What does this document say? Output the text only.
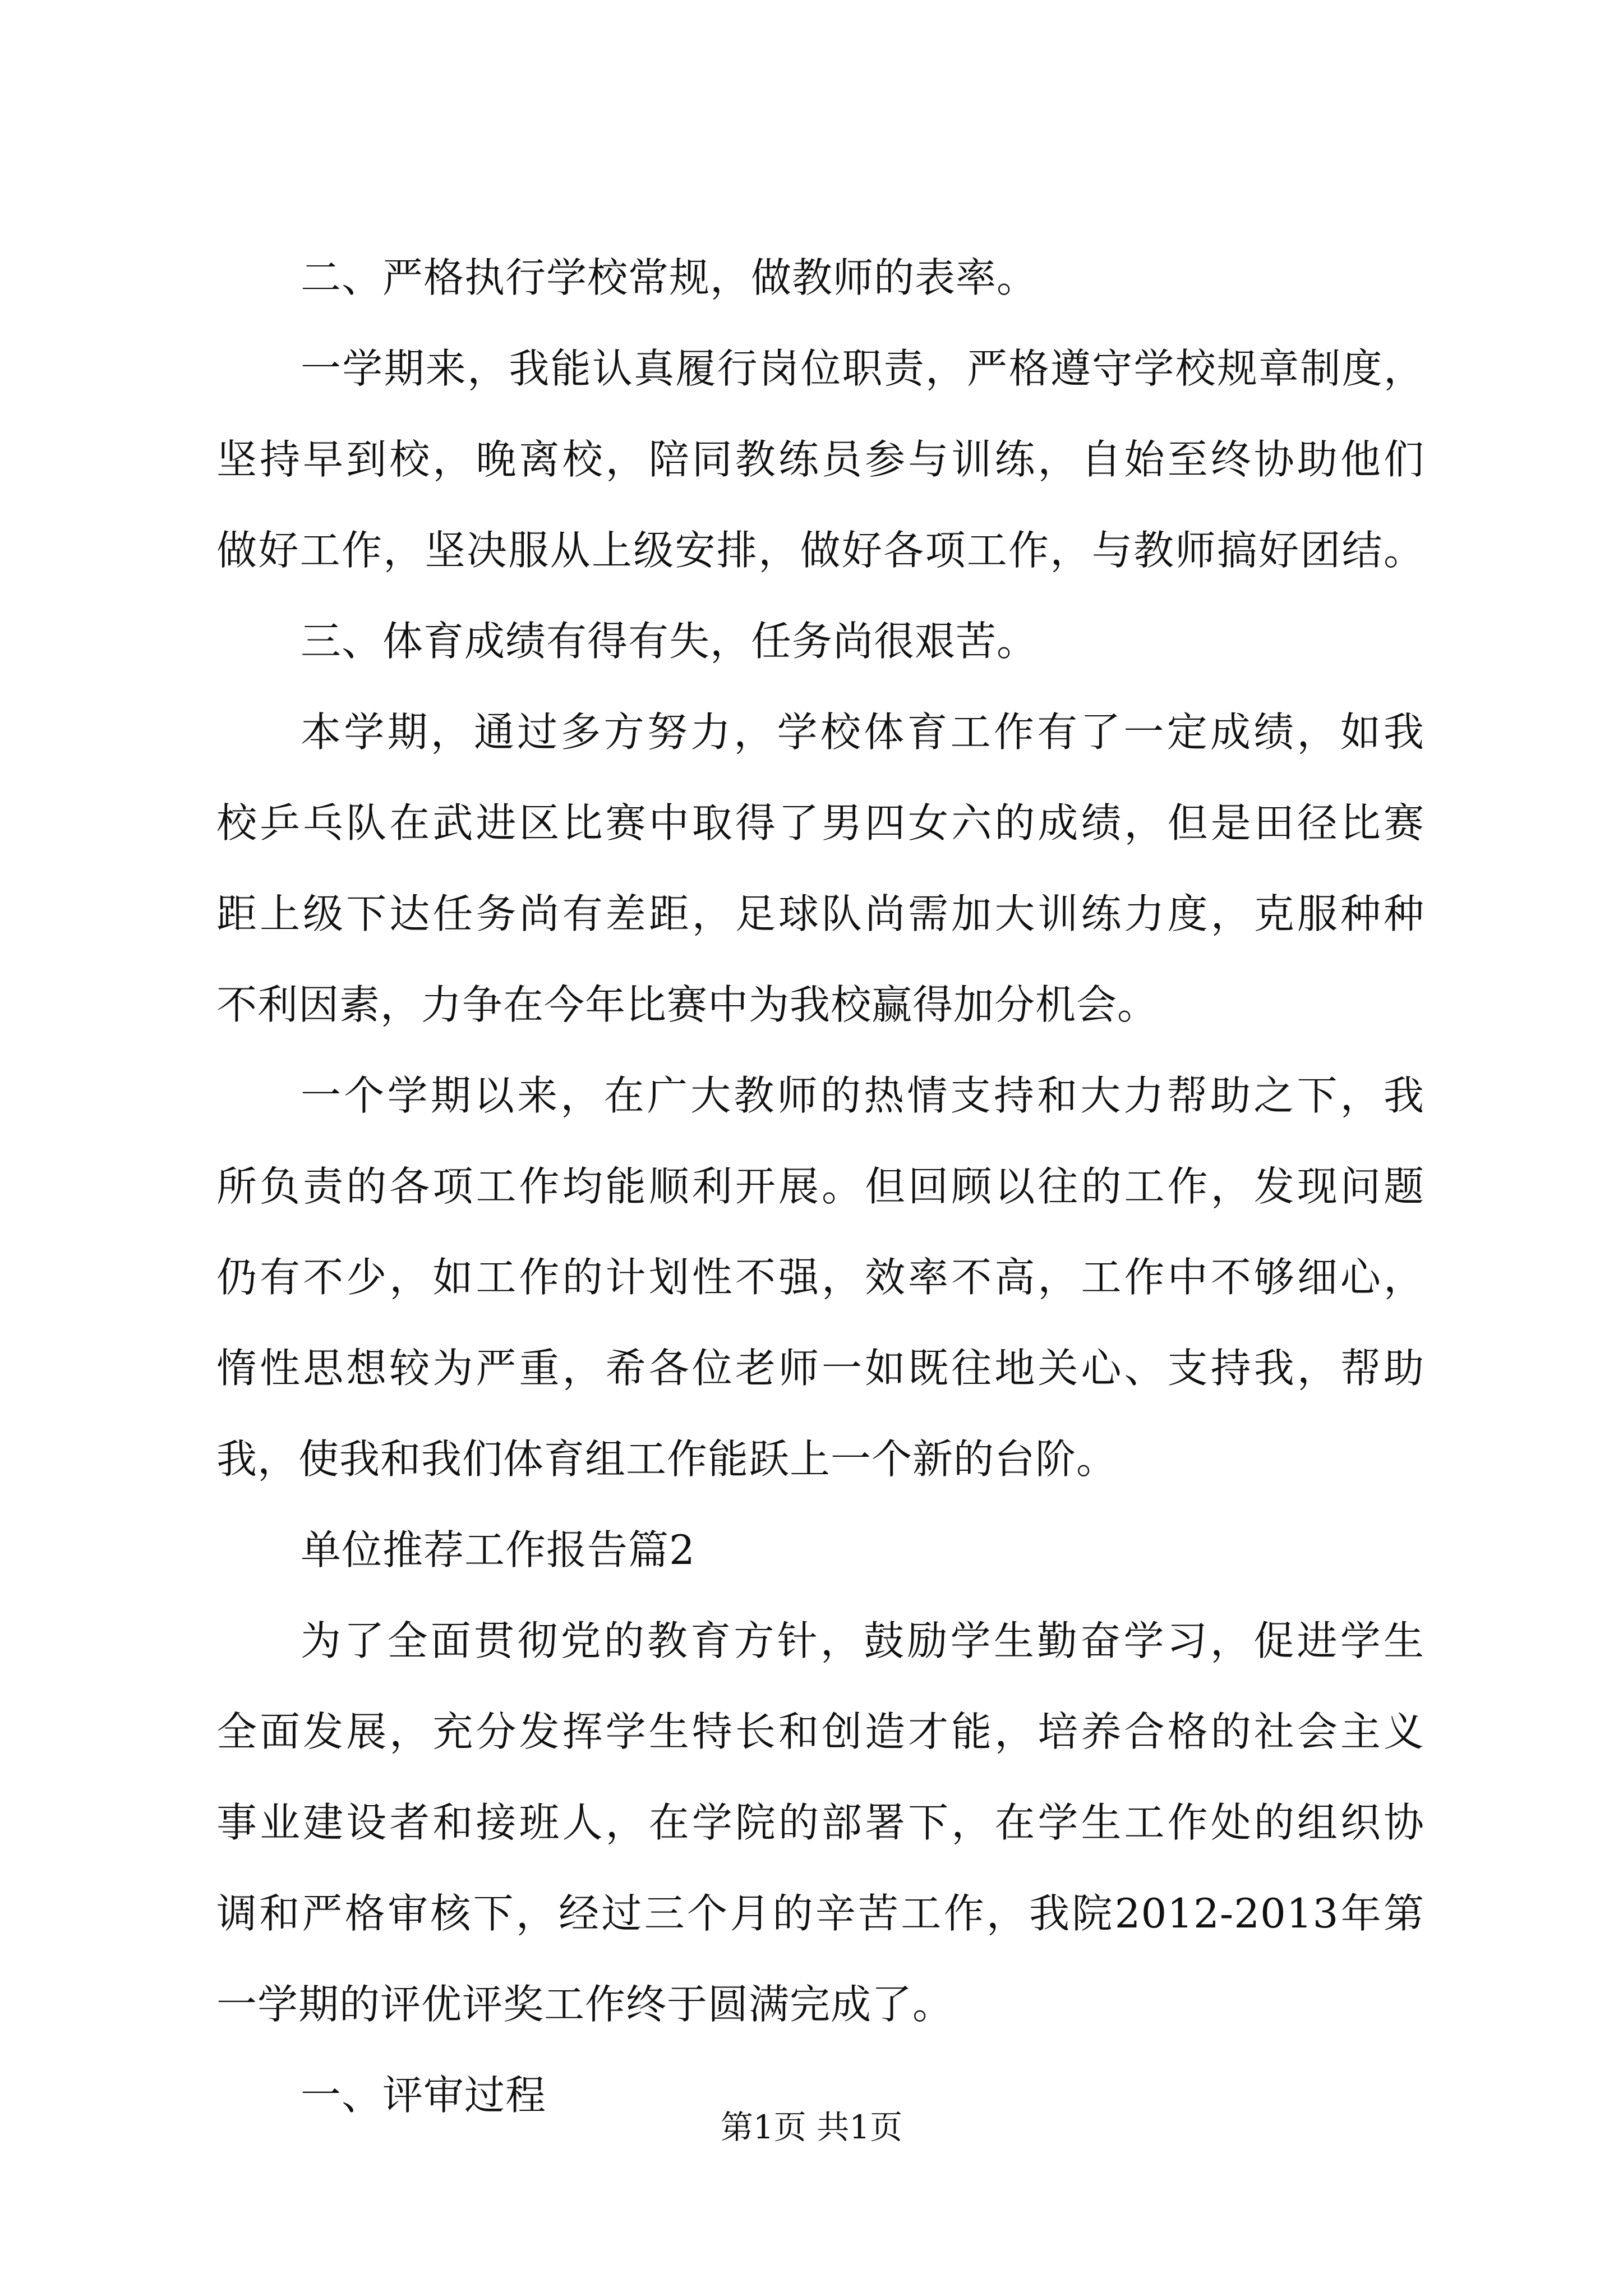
二、严格执行学校常规，做教师的表率。
一学期来，我能认真履行岗位职责，严格遵守学校规章制度，
坚持早到校，晚离校，陪同教练员参与训练，自始至终协助他们
做好工作，坚决服从上级安排，做好各项工作，与教师搞好团结。
三、体育成绩有得有失，任务尚很艰苦。
本学期，通过多方努力，学校体育工作有了一定成绩，如我
校乒乓队在武进区比赛中取得了男四女六的成绩，但是田径比赛
距上级下达任务尚有差距，足球队尚需加大训练力度，克服种种
不利因素，力争在今年比赛中为我校赢得加分机会。
一个学期以来，在广大教师的热情支持和大力帮助之下，我
所负责的各项工作均能顺利开展。但回顾以往的工作，发现问题
仍有不少，如工作的计划性不强，效率不高，工作中不够细心，
惰性思想较为严重，希各位老师一如既往地关心、支持我，帮助
我，使我和我们体育组工作能跃上一个新的台阶。
单位推荐工作报告篇2
为了全面贯彻党的教育方针，鼓励学生勤奋学习，促进学生
全面发展，充分发挥学生特长和创造才能，培养合格的社会主义
事业建设者和接班人，在学院的部署下，在学生工作处的组织协
调和严格审核下，经过三个月的辛苦工作，我院2012-2013年第
一学期的评优评奖工作终于圆满完成了。
一、评审过程
第1页 共1页
